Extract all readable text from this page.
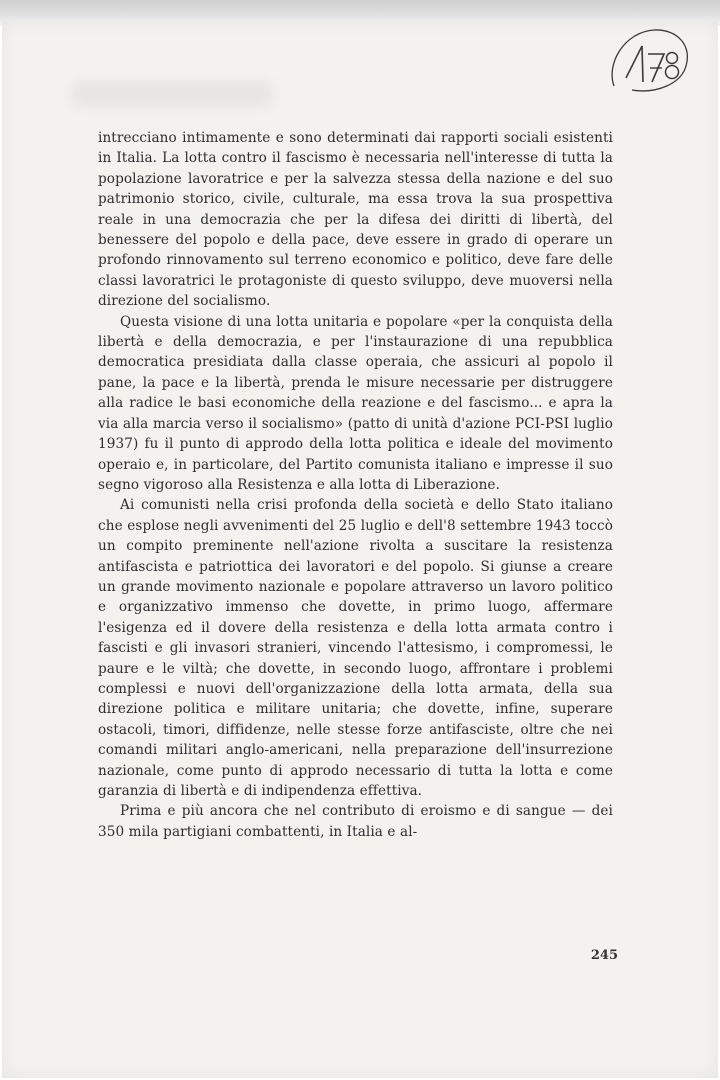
intrecciano intimamente e sono determinati dai rapporti sociali esistenti in Italia. La lotta contro il fascismo è necessaria nell'interesse di tutta la popolazione lavoratrice e per la salvezza stessa della nazione e del suo patrimonio storico, civile, culturale, ma essa trova la sua prospettiva reale in una democrazia che per la difesa dei diritti di libertà, del benessere del popolo e della pace, deve essere in grado di operare un profondo rinnovamento sul terreno economico e politico, deve fare delle classi lavoratrici le protagoniste di questo sviluppo, deve muoversi nella direzione del socialismo.

Questa visione di una lotta unitaria e popolare «per la conquista della libertà e della democrazia, e per l'instaurazione di una repubblica democratica presidiata dalla classe operaia, che assicuri al popolo il pane, la pace e la libertà, prenda le misure necessarie per distruggere alla radice le basi economiche della reazione e del fascismo... e apra la via alla marcia verso il socialismo» (patto di unità d'azione PCI-PSI luglio 1937) fu il punto di approdo della lotta politica e ideale del movimento operaio e, in particolare, del Partito comunista italiano e impresse il suo segno vigoroso alla Resistenza e alla lotta di Liberazione.

Ai comunisti nella crisi profonda della società e dello Stato italiano che esplose negli avvenimenti del 25 luglio e dell'8 settembre 1943 toccò un compito preminente nell'azione rivolta a suscitare la resistenza antifascista e patriottica dei lavoratori e del popolo. Si giunse a creare un grande movimento nazionale e popolare attraverso un lavoro politico e organizzativo immenso che dovette, in primo luogo, affermare l'esigenza ed il dovere della resistenza e della lotta armata contro i fascisti e gli invasori stranieri, vincendo l'attesismo, i compromessi, le paure e le viltà; che dovette, in secondo luogo, affrontare i problemi complessi e nuovi dell'organizzazione della lotta armata, della sua direzione politica e militare unitaria; che dovette, infine, superare ostacoli, timori, diffidenze, nelle stesse forze antifasciste, oltre che nei comandi militari anglo-americani, nella preparazione dell'insurrezione nazionale, come punto di approdo necessario di tutta la lotta e come garanzia di libertà e di indipendenza effettiva.

Prima e più ancora che nel contributo di eroismo e di sangue — dei 350 mila partigiani combattenti, in Italia e al-

245
